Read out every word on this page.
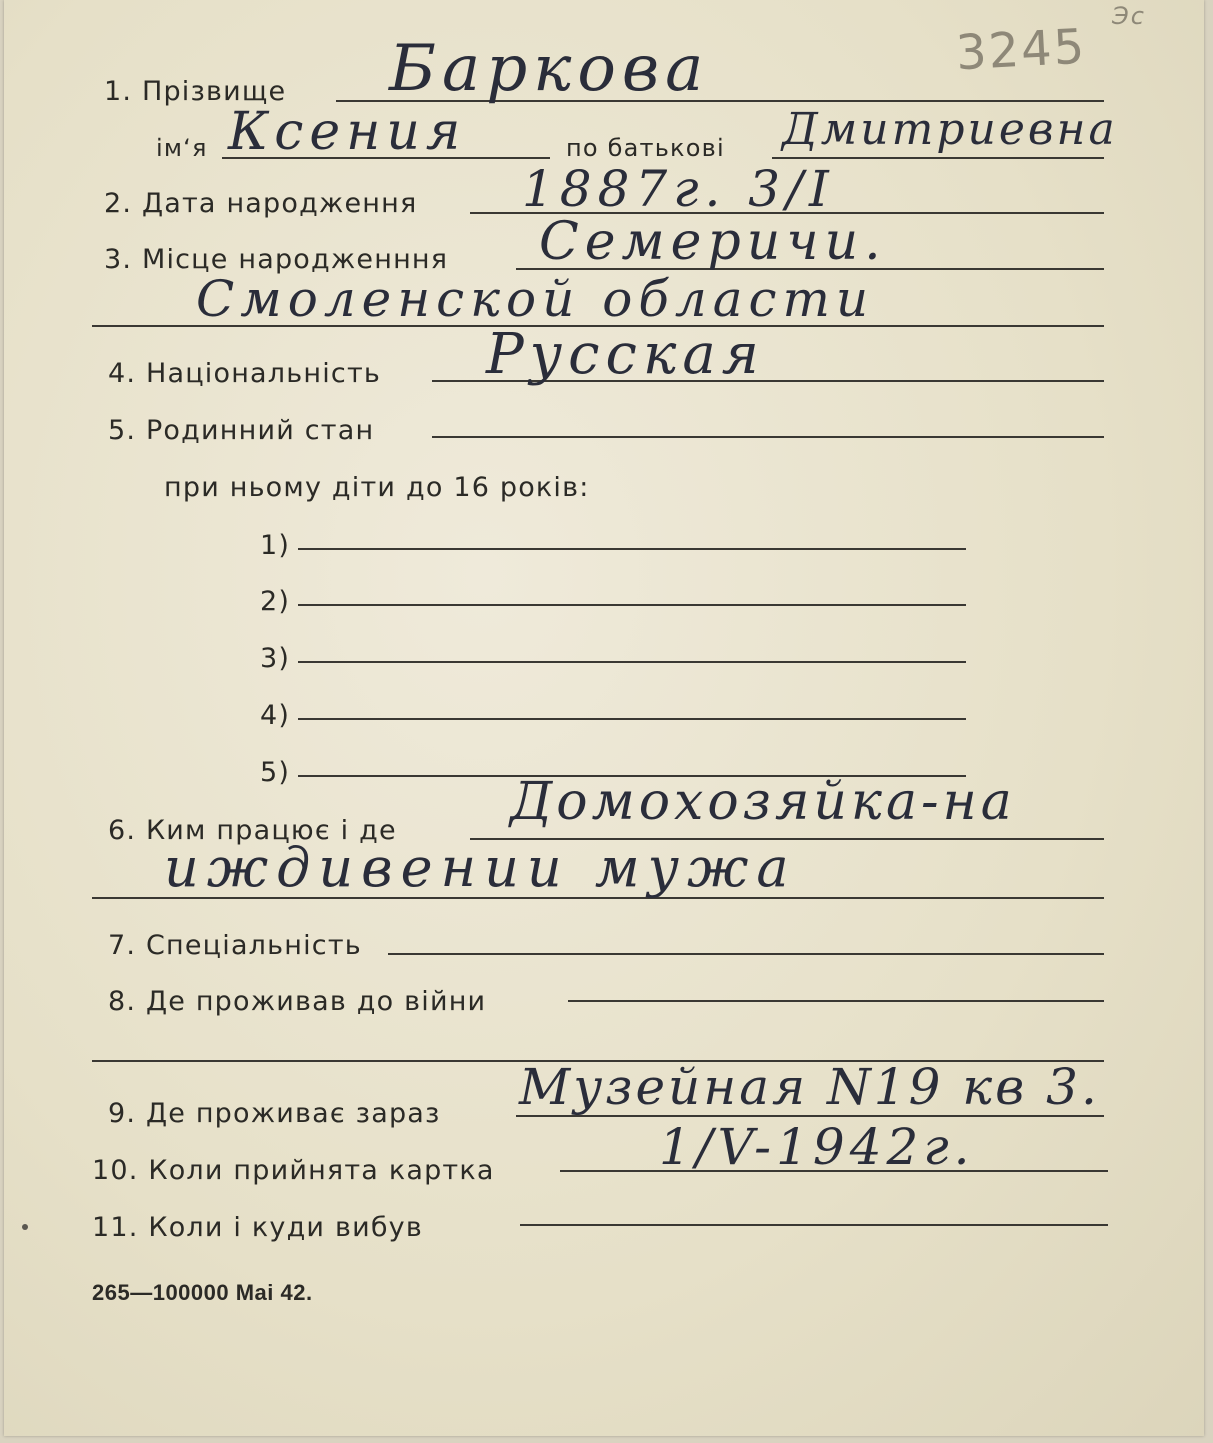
3245
Эс
1. Прізвище Баркова
ім‘я Ксения	по батькові Дмитриевна
2. Дата народження 1887г. 3/I
3. Місце народженння Семеричи.
Смоленской области
4. Національність Русская
5. Родинний стан
при ньому діти до 16 років:
1)
2)
3)
4)
5)
6. Ким працює і де Домохозяйка-на
иждивении мужа
7. Спеціальність
8. Де проживав до війни
9. Де проживає зараз Музейная N19 кв 3.
10. Коли прийнята картка	1/V-1942г.
11. Коли і куди вибув
265—100000 Mai 42.
